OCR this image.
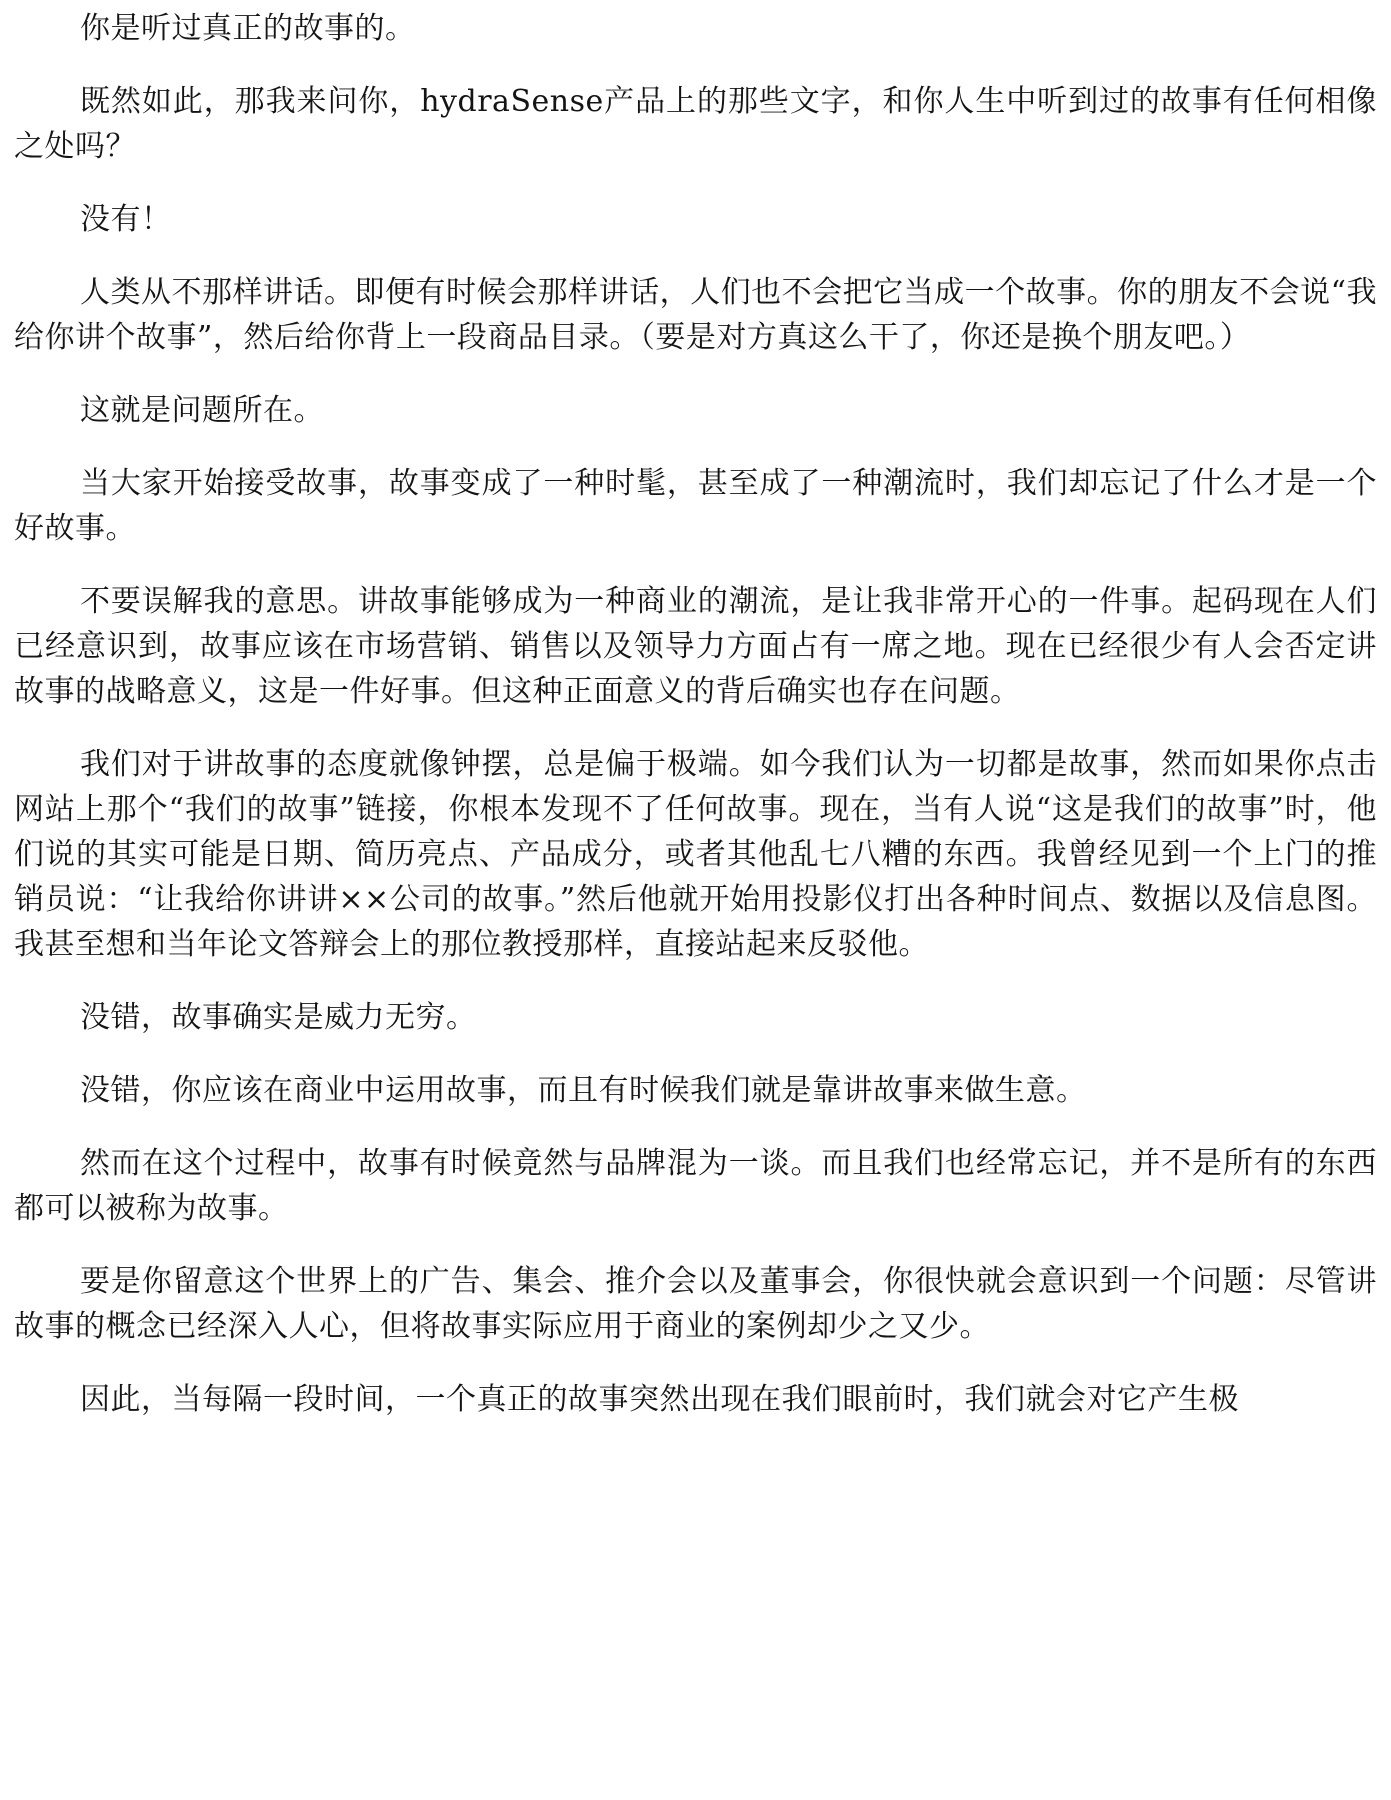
你是听过真正的故事的。

既然如此，那我来问你，hydraSense产品上的那些文字，和你人生中听到过的故事有任何相像之处吗？

没有！

人类从不那样讲话。即便有时候会那样讲话，人们也不会把它当成一个故事。你的朋友不会说“我给你讲个故事”，然后给你背上一段商品目录。（要是对方真这么干了，你还是换个朋友吧。）

这就是问题所在。

当大家开始接受故事，故事变成了一种时髦，甚至成了一种潮流时，我们却忘记了什么才是一个好故事。

不要误解我的意思。讲故事能够成为一种商业的潮流，是让我非常开心的一件事。起码现在人们已经意识到，故事应该在市场营销、销售以及领导力方面占有一席之地。现在已经很少有人会否定讲故事的战略意义，这是一件好事。但这种正面意义的背后确实也存在问题。

我们对于讲故事的态度就像钟摆，总是偏于极端。如今我们认为一切都是故事，然而如果你点击网站上那个“我们的故事”链接，你根本发现不了任何故事。现在，当有人说“这是我们的故事”时，他们说的其实可能是日期、简历亮点、产品成分，或者其他乱七八糟的东西。我曾经见到一个上门的推销员说：“让我给你讲讲××公司的故事。”然后他就开始用投影仪打出各种时间点、数据以及信息图。我甚至想和当年论文答辩会上的那位教授那样，直接站起来反驳他。

没错，故事确实是威力无穷。

没错，你应该在商业中运用故事，而且有时候我们就是靠讲故事来做生意。

然而在这个过程中，故事有时候竟然与品牌混为一谈。而且我们也经常忘记，并不是所有的东西都可以被称为故事。

要是你留意这个世界上的广告、集会、推介会以及董事会，你很快就会意识到一个问题：尽管讲故事的概念已经深入人心，但将故事实际应用于商业的案例却少之又少。

因此，当每隔一段时间，一个真正的故事突然出现在我们眼前时，我们就会对它产生极
